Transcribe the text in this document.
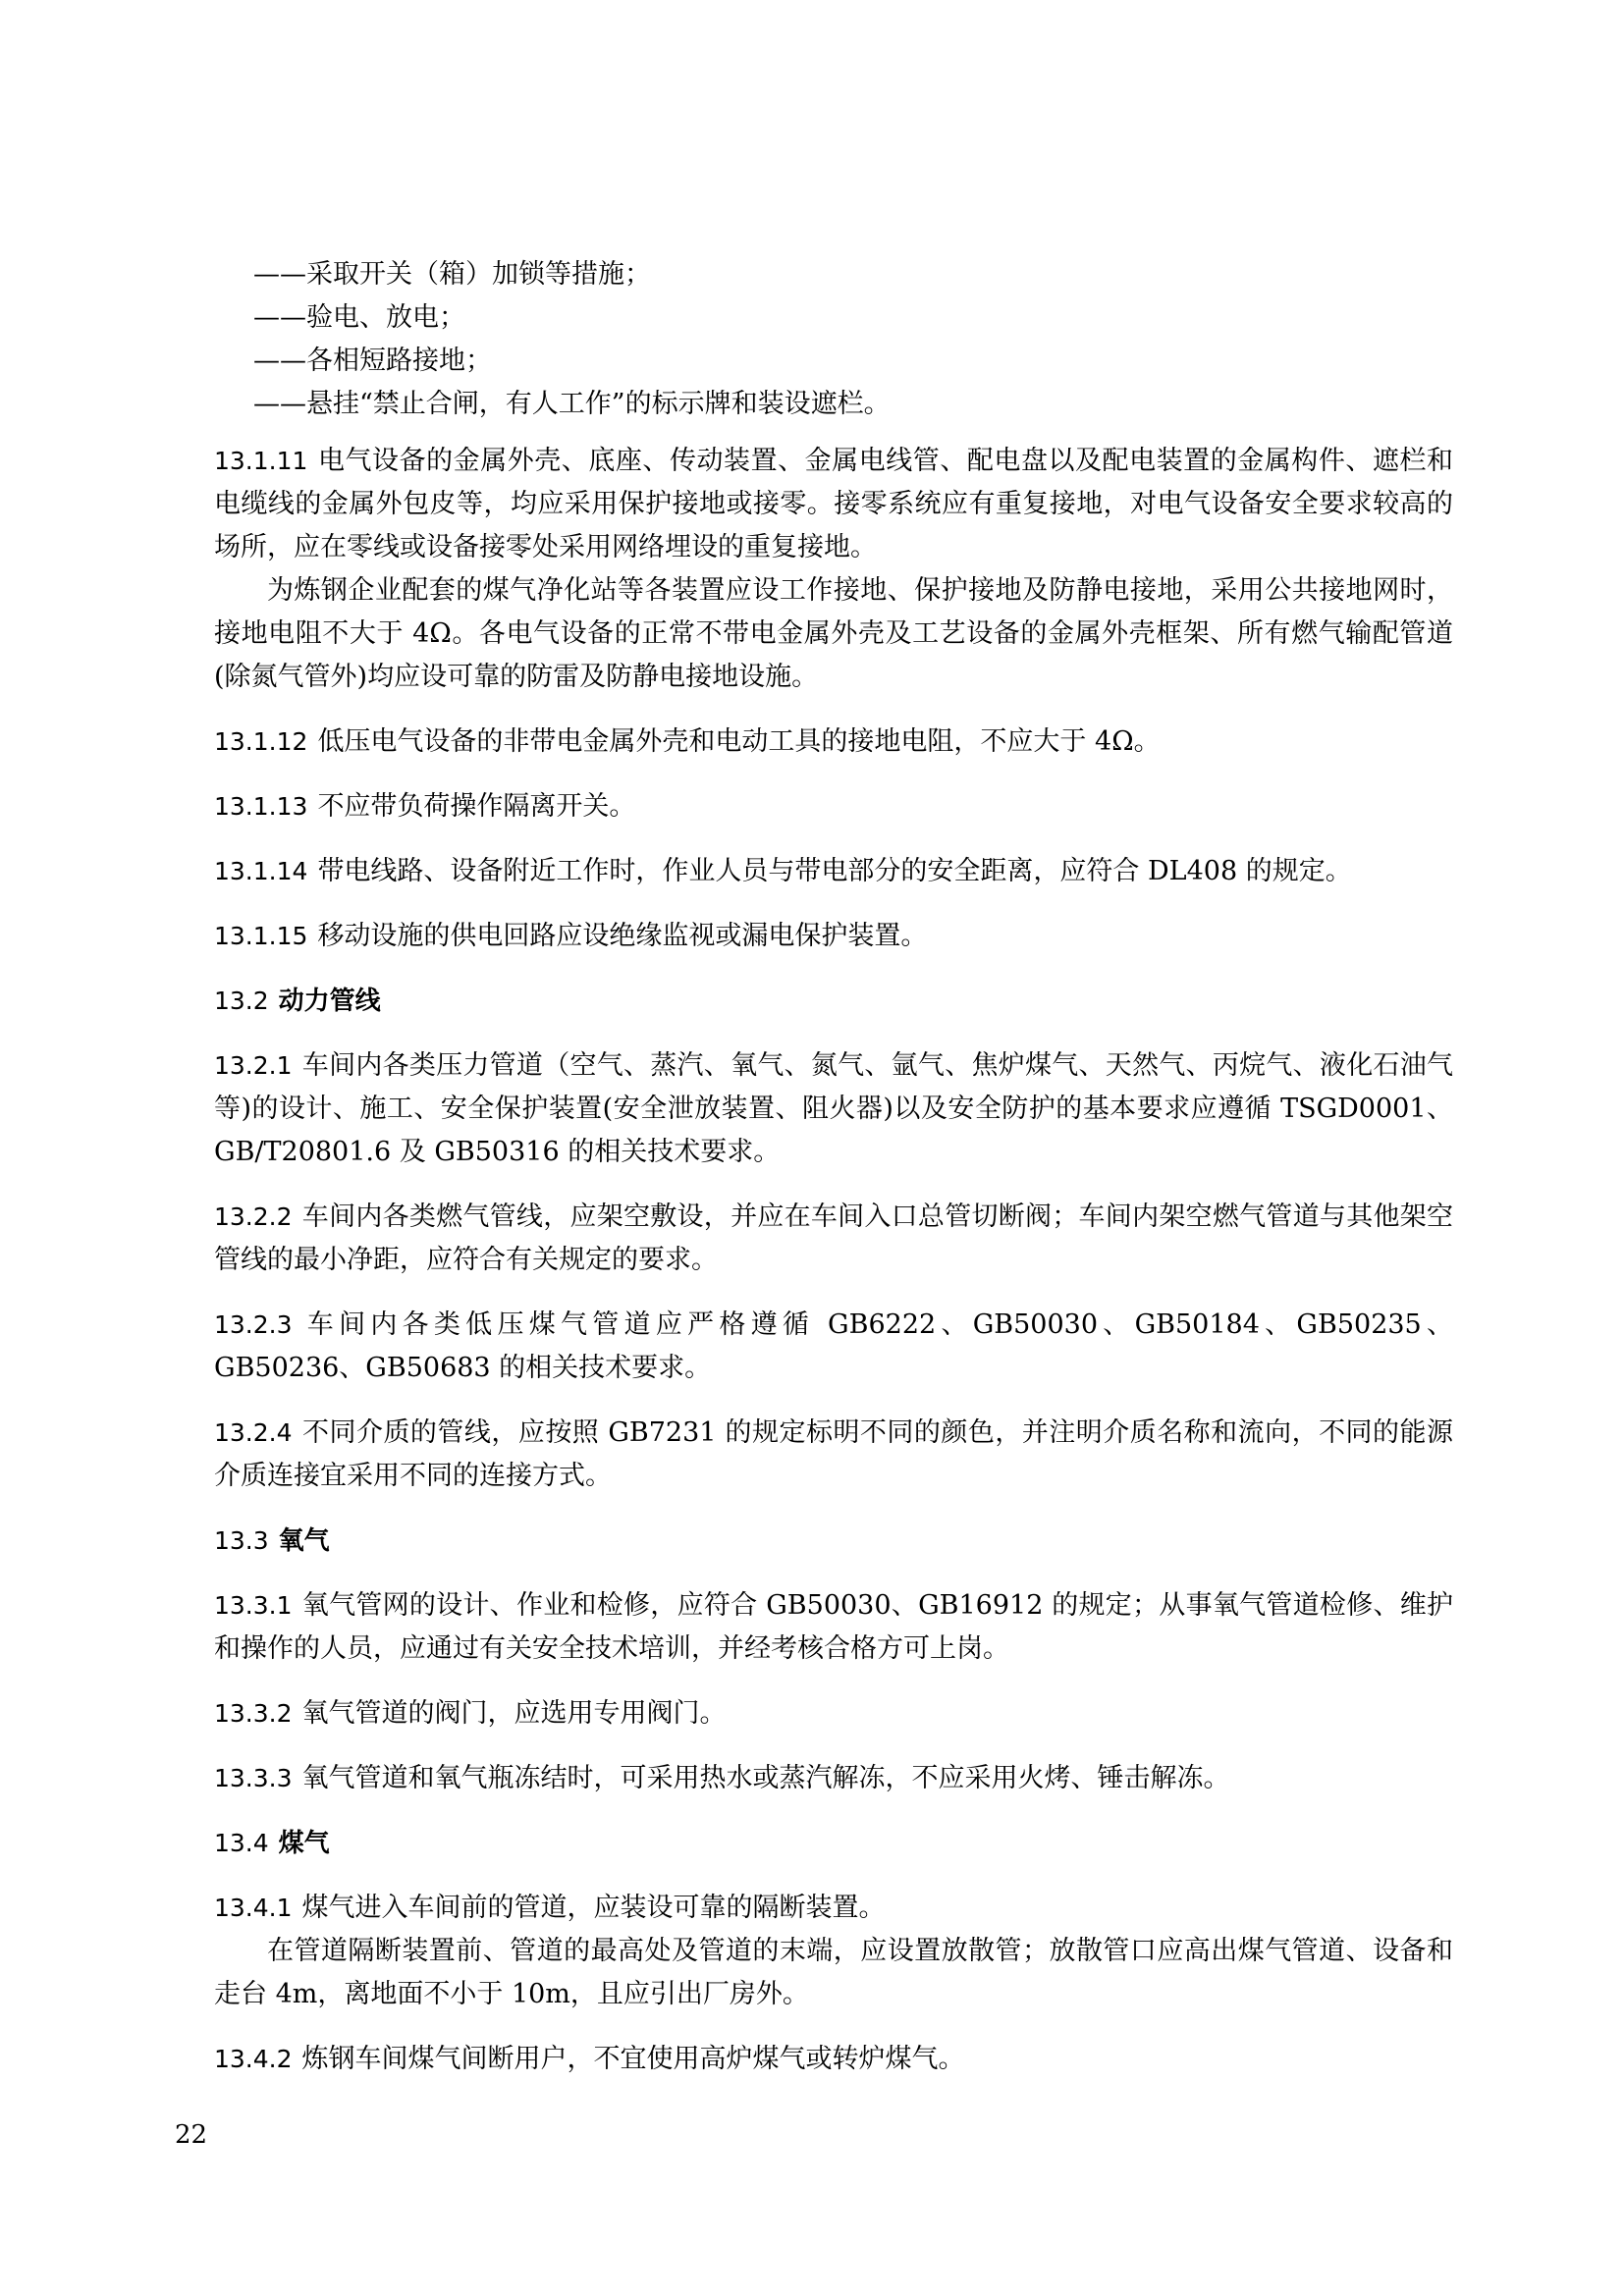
——采取开关（箱）加锁等措施；

——验电、放电；

——各相短路接地；

——悬挂“禁止合闸，有人工作”的标示牌和装设遮栏。

13.1.11 电气设备的金属外壳、底座、传动装置、金属电线管、配电盘以及配电装置的金属构件、遮栏和电缆线的金属外包皮等，均应采用保护接地或接零。接零系统应有重复接地，对电气设备安全要求较高的场所，应在零线或设备接零处采用网络埋设的重复接地。

为炼钢企业配套的煤气净化站等各装置应设工作接地、保护接地及防静电接地，采用公共接地网时，接地电阻不大于 4Ω。各电气设备的正常不带电金属外壳及工艺设备的金属外壳框架、所有燃气输配管道(除氮气管外)均应设可靠的防雷及防静电接地设施。

13.1.12 低压电气设备的非带电金属外壳和电动工具的接地电阻，不应大于 4Ω。

13.1.13 不应带负荷操作隔离开关。

13.1.14 带电线路、设备附近工作时，作业人员与带电部分的安全距离，应符合 DL408 的规定。

13.1.15 移动设施的供电回路应设绝缘监视或漏电保护装置。

13.2 动力管线

13.2.1 车间内各类压力管道（空气、蒸汽、氧气、氮气、氩气、焦炉煤气、天然气、丙烷气、液化石油气等)的设计、施工、安全保护装置(安全泄放装置、阻火器)以及安全防护的基本要求应遵循 TSGD0001、GB/T20801.6 及 GB50316 的相关技术要求。

13.2.2 车间内各类燃气管线，应架空敷设，并应在车间入口总管切断阀；车间内架空燃气管道与其他架空管线的最小净距，应符合有关规定的要求。

13.2.3 车间内各类低压煤气管道应严格遵循 GB6222、GB50030、GB50184、GB50235、GB50236、GB50683 的相关技术要求。

13.2.4 不同介质的管线，应按照 GB7231 的规定标明不同的颜色，并注明介质名称和流向，不同的能源介质连接宜采用不同的连接方式。

13.3 氧气

13.3.1 氧气管网的设计、作业和检修，应符合 GB50030、GB16912 的规定；从事氧气管道检修、维护和操作的人员，应通过有关安全技术培训，并经考核合格方可上岗。

13.3.2 氧气管道的阀门，应选用专用阀门。

13.3.3 氧气管道和氧气瓶冻结时，可采用热水或蒸汽解冻，不应采用火烤、锤击解冻。

13.4 煤气

13.4.1 煤气进入车间前的管道，应装设可靠的隔断装置。

在管道隔断装置前、管道的最高处及管道的末端，应设置放散管；放散管口应高出煤气管道、设备和走台 4m，离地面不小于 10m，且应引出厂房外。

13.4.2 炼钢车间煤气间断用户，不宜使用高炉煤气或转炉煤气。

22
